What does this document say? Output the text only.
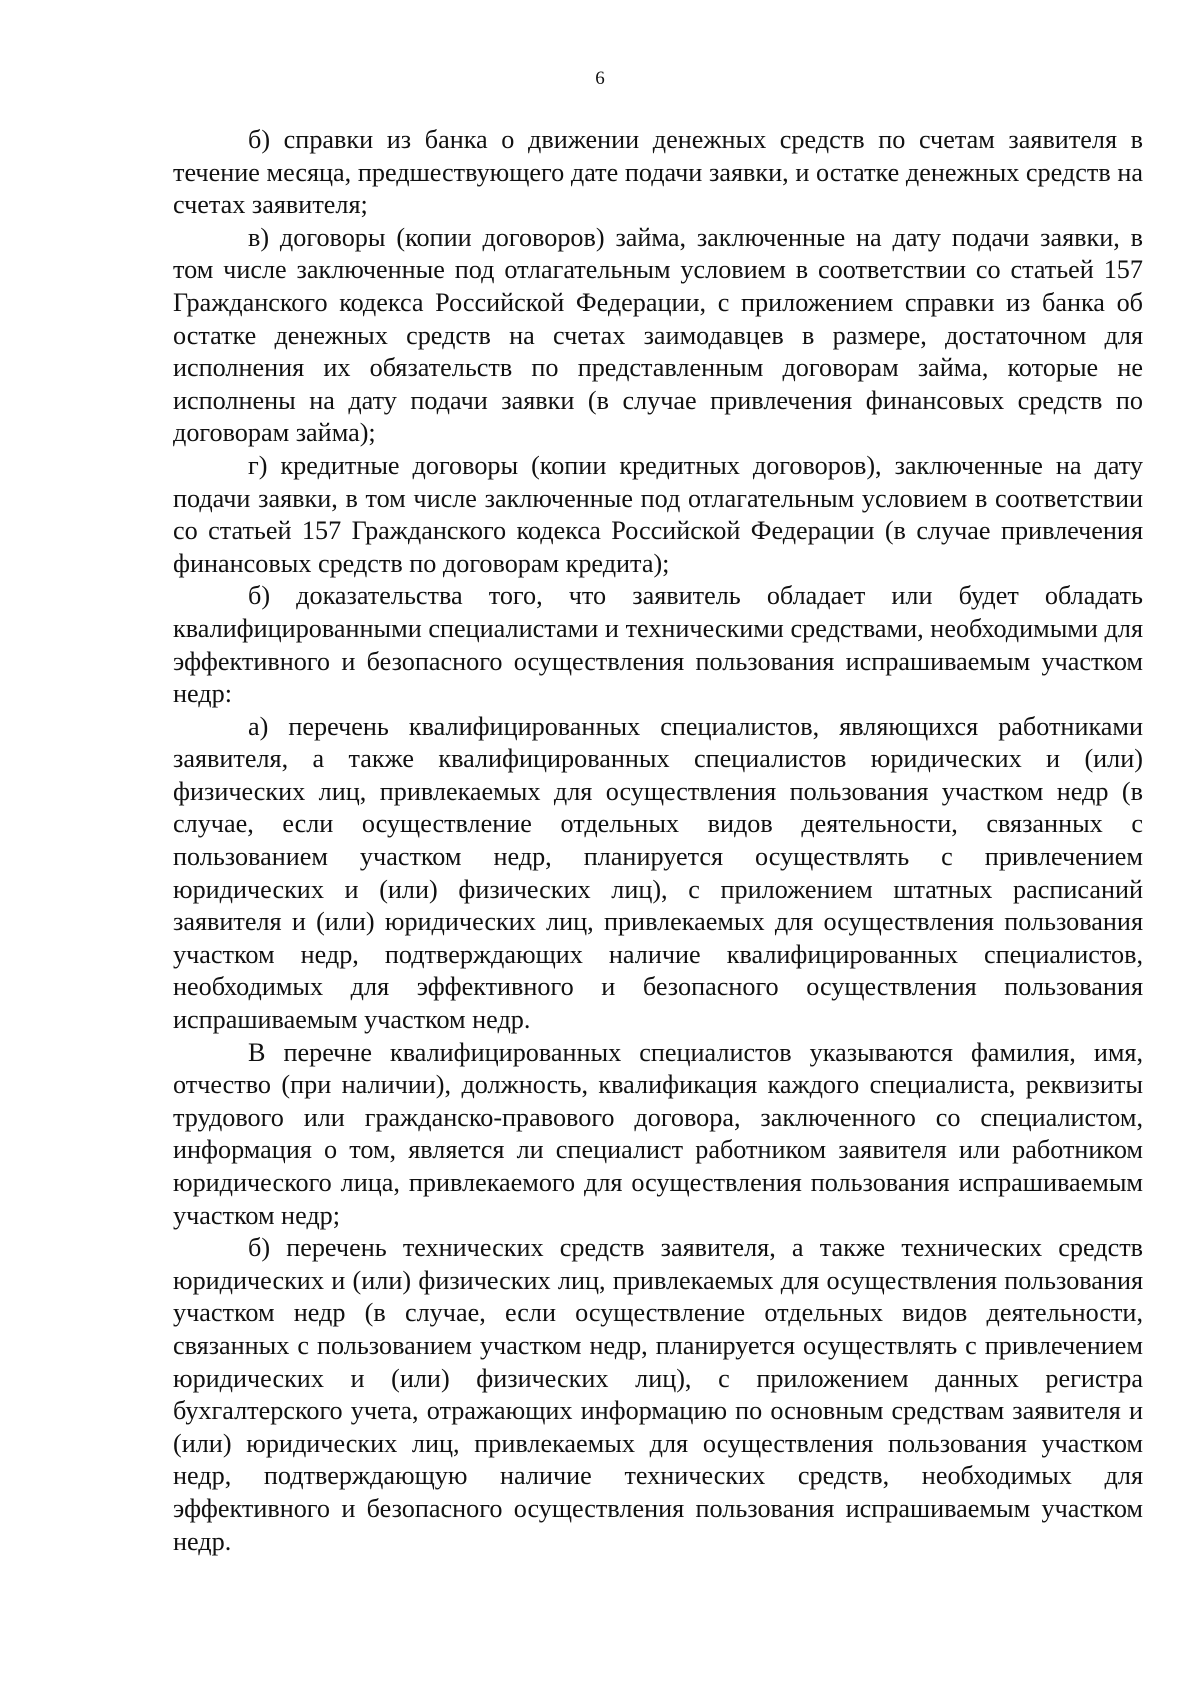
6

б) справки из банка о движении денежных средств по счетам заявителя в течение месяца, предшествующего дате подачи заявки, и остатке денежных средств на счетах заявителя;

в) договоры (копии договоров) займа, заключенные на дату подачи заявки, в том числе заключенные под отлагательным условием в соответствии со статьей 157 Гражданского кодекса Российской Федерации, с приложением справки из банка об остатке денежных средств на счетах заимодавцев в размере, достаточном для исполнения их обязательств по представленным договорам займа, которые не исполнены на дату подачи заявки (в случае привлечения финансовых средств по договорам займа);

г) кредитные договоры (копии кредитных договоров), заключенные на дату подачи заявки, в том числе заключенные под отлагательным условием в соответствии со статьей 157 Гражданского кодекса Российской Федерации (в случае привлечения финансовых средств по договорам кредита);

б) доказательства того, что заявитель обладает или будет обладать квалифицированными специалистами и техническими средствами, необходимыми для эффективного и безопасного осуществления пользования испрашиваемым участком недр:

а) перечень квалифицированных специалистов, являющихся работниками заявителя, а также квалифицированных специалистов юридических и (или) физических лиц, привлекаемых для осуществления пользования участком недр (в случае, если осуществление отдельных видов деятельности, связанных с пользованием участком недр, планируется осуществлять с привлечением юридических и (или) физических лиц), с приложением штатных расписаний заявителя и (или) юридических лиц, привлекаемых для осуществления пользования участком недр, подтверждающих наличие квалифицированных специалистов, необходимых для эффективного и безопасного осуществления пользования испрашиваемым участком недр.

В перечне квалифицированных специалистов указываются фамилия, имя, отчество (при наличии), должность, квалификация каждого специалиста, реквизиты трудового или гражданско-правового договора, заключенного со специалистом, информация о том, является ли специалист работником заявителя или работником юридического лица, привлекаемого для осуществления пользования испрашиваемым участком недр;

б) перечень технических средств заявителя, а также технических средств юридических и (или) физических лиц, привлекаемых для осуществления пользования участком недр (в случае, если осуществление отдельных видов деятельности, связанных с пользованием участком недр, планируется осуществлять с привлечением юридических и (или) физических лиц), с приложением данных регистра бухгалтерского учета, отражающих информацию по основным средствам заявителя и (или) юридических лиц, привлекаемых для осуществления пользования участком недр, подтверждающую наличие технических средств, необходимых для эффективного и безопасного осуществления пользования испрашиваемым участком недр.
